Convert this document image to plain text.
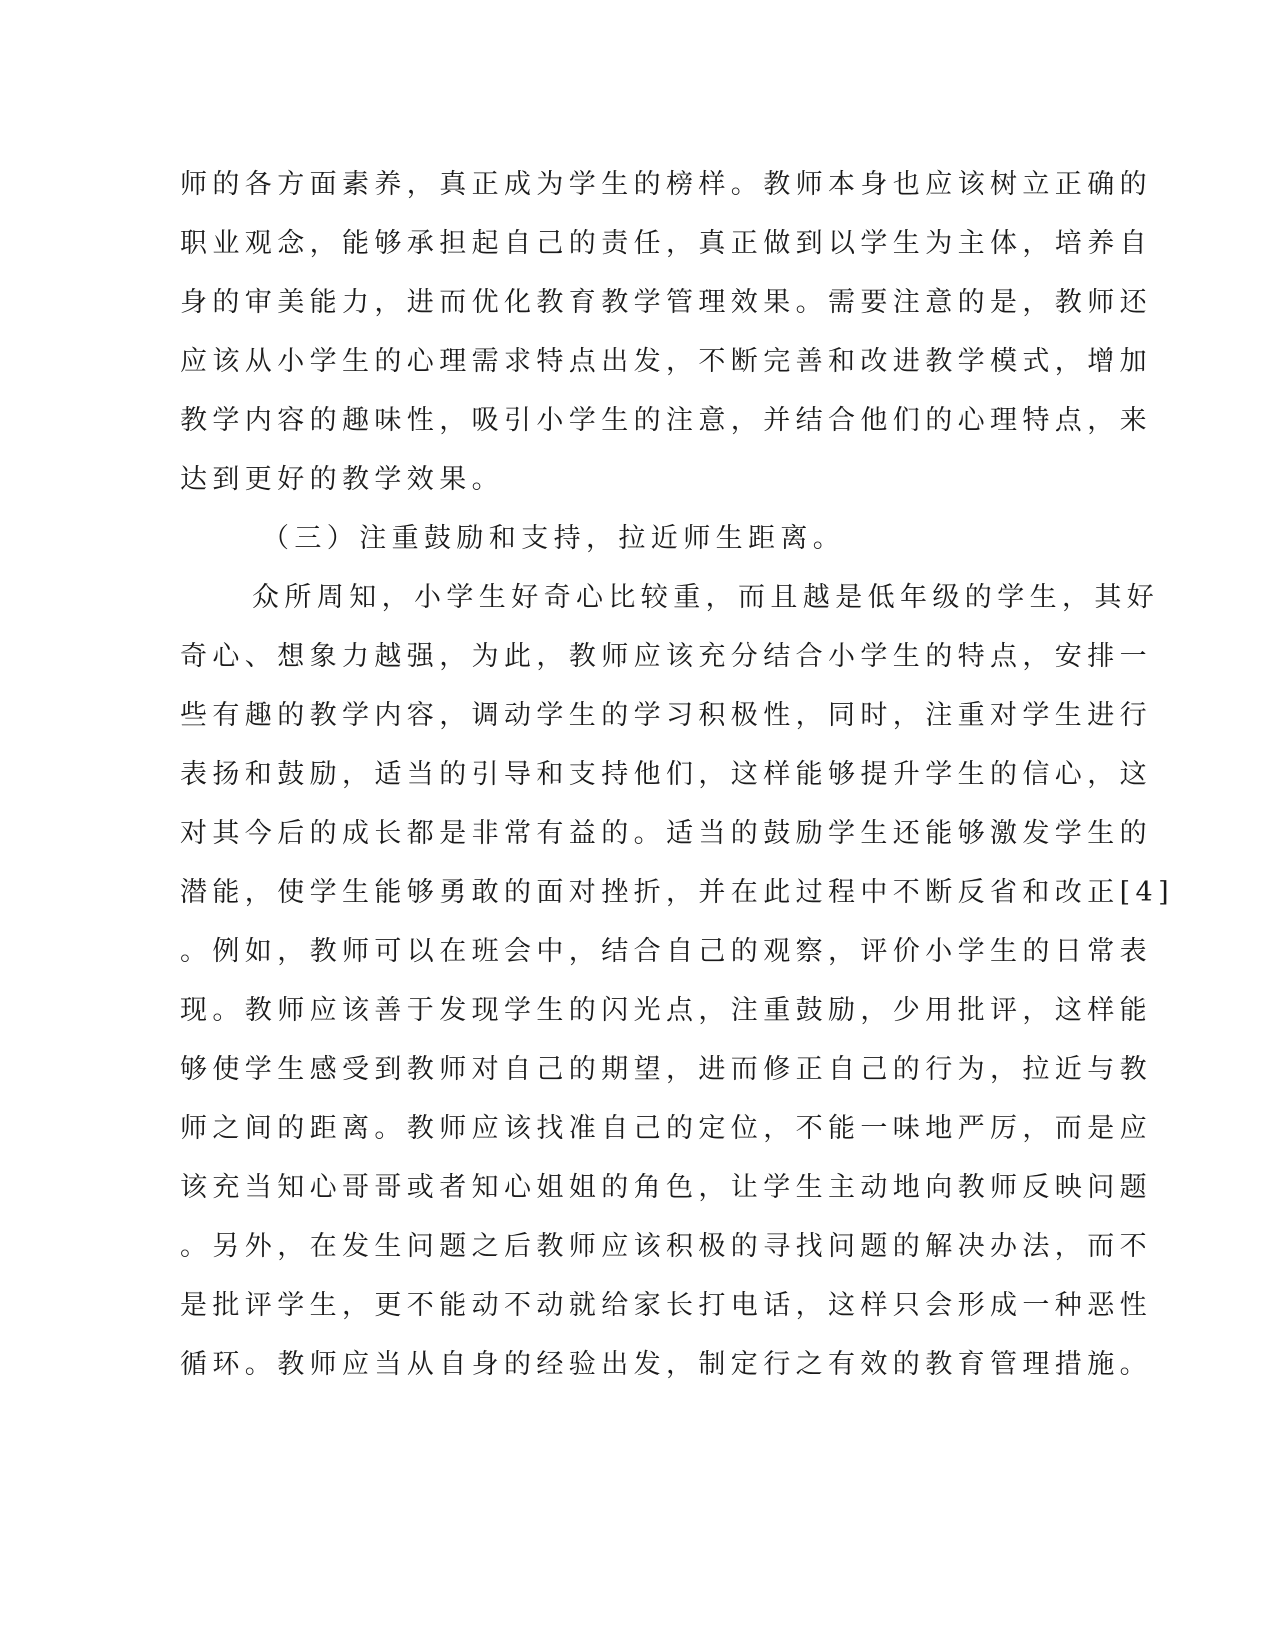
师的各方面素养，真正成为学生的榜样。教师本身也应该树立正确的
职业观念，能够承担起自己的责任，真正做到以学生为主体，培养自
身的审美能力，进而优化教育教学管理效果。需要注意的是，教师还
应该从小学生的心理需求特点出发，不断完善和改进教学模式，增加
教学内容的趣味性，吸引小学生的注意，并结合他们的心理特点，来
达到更好的教学效果。
（三）注重鼓励和支持，拉近师生距离。
众所周知，小学生好奇心比较重，而且越是低年级的学生，其好
奇心、想象力越强，为此，教师应该充分结合小学生的特点，安排一
些有趣的教学内容，调动学生的学习积极性，同时，注重对学生进行
表扬和鼓励，适当的引导和支持他们，这样能够提升学生的信心，这
对其今后的成长都是非常有益的。适当的鼓励学生还能够激发学生的
潜能，使学生能够勇敢的面对挫折，并在此过程中不断反省和改正[4]
。例如，教师可以在班会中，结合自己的观察，评价小学生的日常表
现。教师应该善于发现学生的闪光点，注重鼓励，少用批评，这样能
够使学生感受到教师对自己的期望，进而修正自己的行为，拉近与教
师之间的距离。教师应该找准自己的定位，不能一味地严厉，而是应
该充当知心哥哥或者知心姐姐的角色，让学生主动地向教师反映问题
。另外，在发生问题之后教师应该积极的寻找问题的解决办法，而不
是批评学生，更不能动不动就给家长打电话，这样只会形成一种恶性
循环。教师应当从自身的经验出发，制定行之有效的教育管理措施。
